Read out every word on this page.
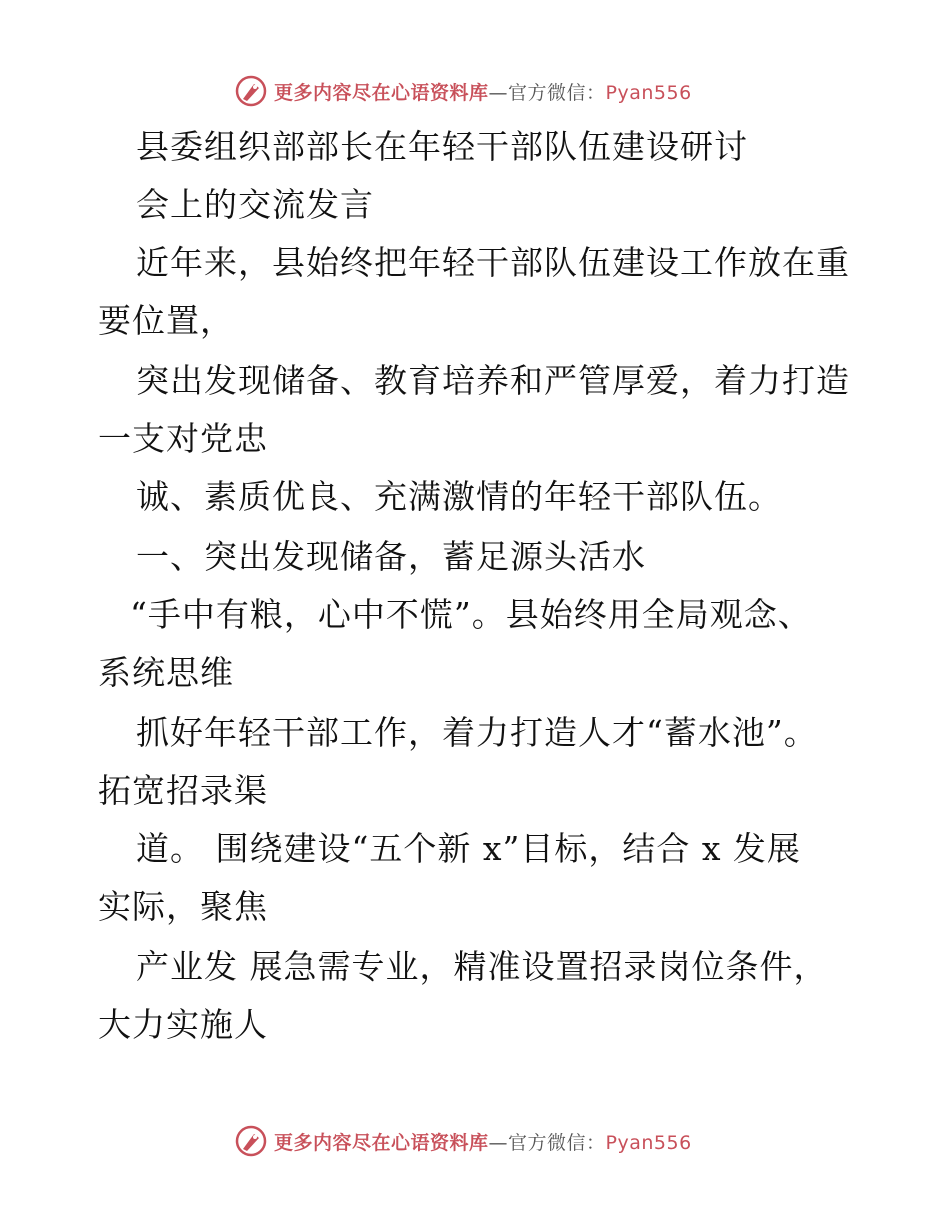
更多内容尽在心语资料库—官方微信：Pyan556
县委组织部部长在年轻干部队伍建设研讨
会上的交流发言
近年来，县始终把年轻干部队伍建设工作放在重
要位置，
突出发现储备、教育培养和严管厚爱，着力打造
一支对党忠
诚、素质优良、充满激情的年轻干部队伍。
一、突出发现储备，蓄足源头活水
“手中有粮，心中不慌”。县始终用全局观念、
系统思维
抓好年轻干部工作，着力打造人才“蓄水池”。
拓宽招录渠
道。 围绕建设“五个新 x”目标，结合 x 发展
实际，聚焦
产业发 展急需专业，精准设置招录岗位条件，
大力实施人
更多内容尽在心语资料库—官方微信：Pyan556
